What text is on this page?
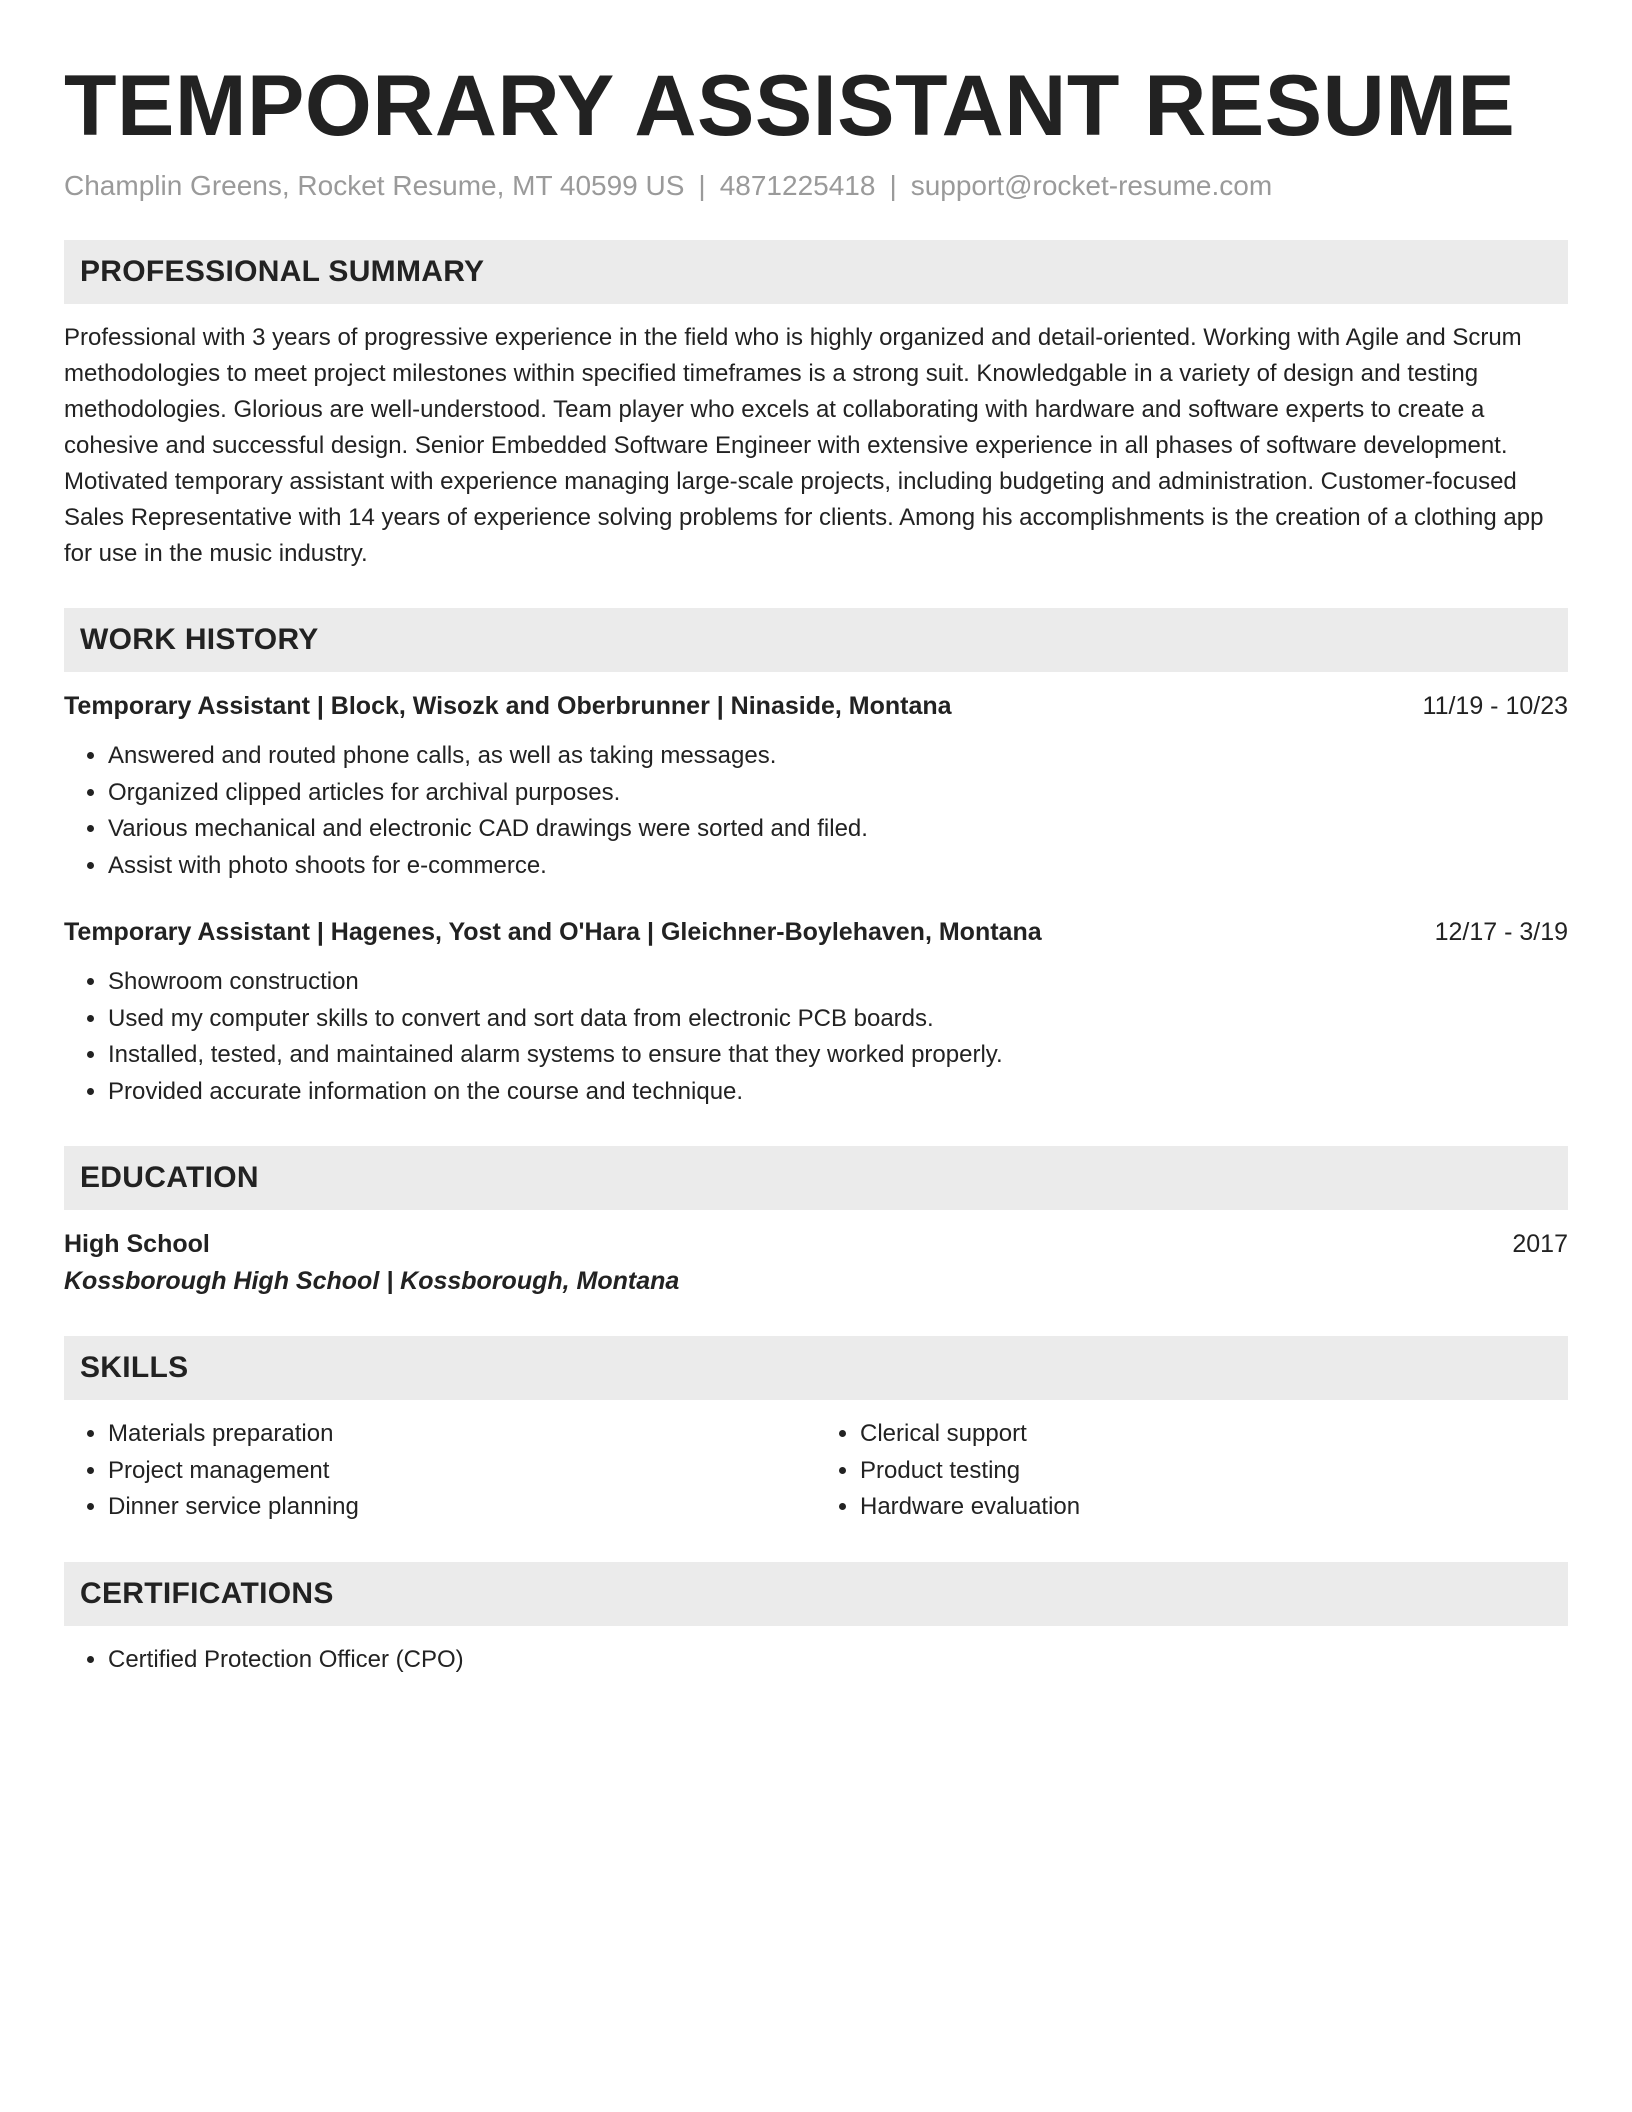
TEMPORARY ASSISTANT RESUME
Champlin Greens, Rocket Resume, MT 40599 US | 4871225418 | support@rocket-resume.com
PROFESSIONAL SUMMARY

Professional with 3 years of progressive experience in the field who is highly organized and detail-oriented. Working with Agile and Scrum methodologies to meet project milestones within specified timeframes is a strong suit. Knowledgable in a variety of design and testing methodologies. Glorious are well-understood. Team player who excels at collaborating with hardware and software experts to create a cohesive and successful design. Senior Embedded Software Engineer with extensive experience in all phases of software development. Motivated temporary assistant with experience managing large-scale projects, including budgeting and administration. Customer-focused Sales Representative with 14 years of experience solving problems for clients. Among his accomplishments is the creation of a clothing app for use in the music industry.

WORK HISTORY
Temporary Assistant | Block, Wisozk and Oberbrunner | Ninaside, Montana	11/19 - 10/23
• Answered and routed phone calls, as well as taking messages.
• Organized clipped articles for archival purposes.
• Various mechanical and electronic CAD drawings were sorted and filed.
• Assist with photo shoots for e-commerce.
Temporary Assistant | Hagenes, Yost and O'Hara | Gleichner-Boylehaven, Montana	12/17 - 3/19
• Showroom construction
• Used my computer skills to convert and sort data from electronic PCB boards.
• Installed, tested, and maintained alarm systems to ensure that they worked properly.
• Provided accurate information on the course and technique.
EDUCATION
High School	2017
Kossborough High School | Kossborough, Montana
SKILLS
• Materials preparation
• Project management
• Dinner service planning
• Clerical support
• Product testing
• Hardware evaluation
CERTIFICATIONS
• Certified Protection Officer (CPO)
